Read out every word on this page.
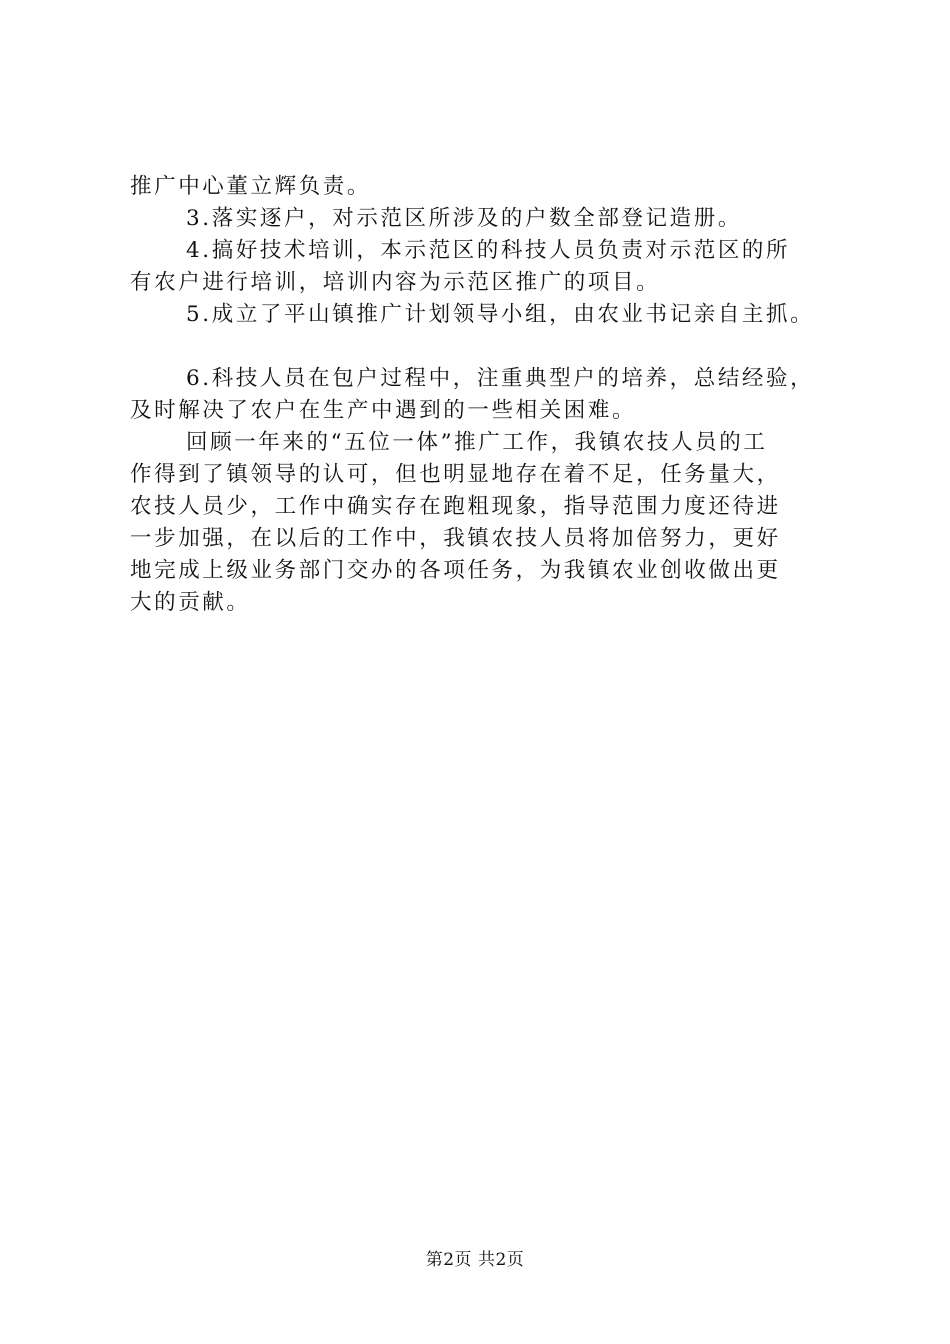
推广中心董立辉负责。
3.落实逐户，对示范区所涉及的户数全部登记造册。
4.搞好技术培训，本示范区的科技人员负责对示范区的所
有农户进行培训，培训内容为示范区推广的项目。
5.成立了平山镇推广计划领导小组，由农业书记亲自主抓。
6.科技人员在包户过程中，注重典型户的培养，总结经验，
及时解决了农户在生产中遇到的一些相关困难。
回顾一年来的“五位一体”推广工作，我镇农技人员的工
作得到了镇领导的认可，但也明显地存在着不足，任务量大，
农技人员少，工作中确实存在跑粗现象，指导范围力度还待进
一步加强，在以后的工作中，我镇农技人员将加倍努力，更好
地完成上级业务部门交办的各项任务，为我镇农业创收做出更
大的贡献。
第2页 共2页
